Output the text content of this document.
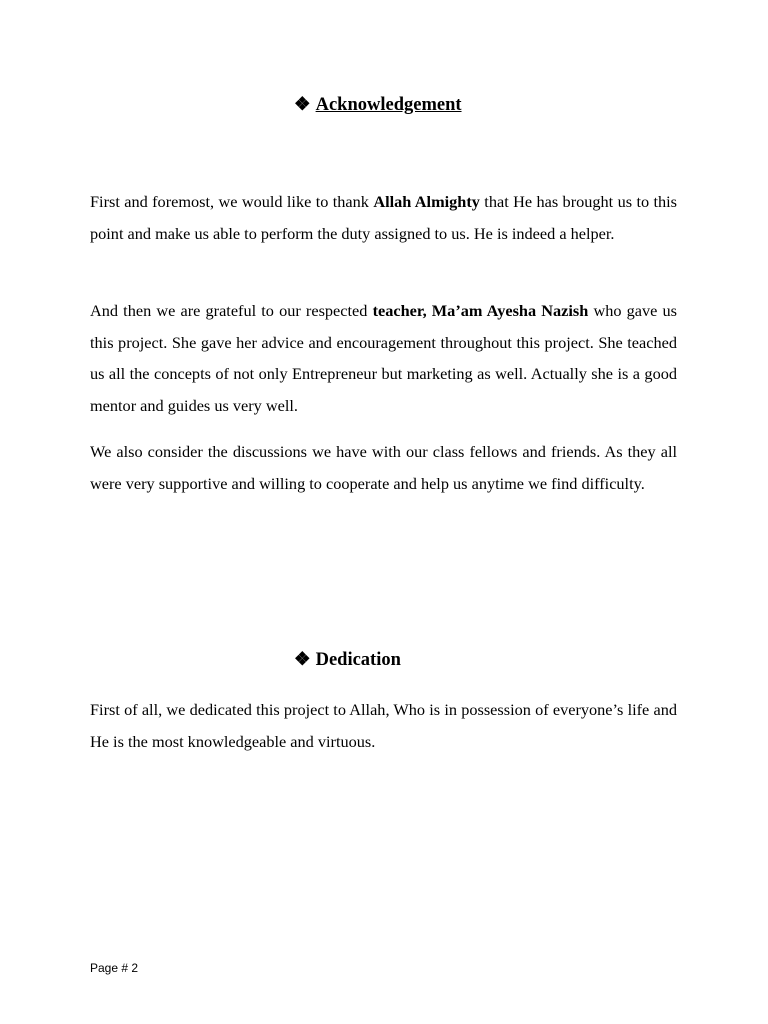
❖ Acknowledgement

First and foremost, we would like to thank Allah Almighty that He has brought us to this point and make us able to perform the duty assigned to us. He is indeed a helper.

And then we are grateful to our respected teacher, Ma’am Ayesha Nazish who gave us this project. She gave her advice and encouragement throughout this project. She teached us all the concepts of not only Entrepreneur but marketing as well. Actually she is a good mentor and guides us very well.

We also consider the discussions we have with our class fellows and friends. As they all were very supportive and willing to cooperate and help us anytime we find difficulty.

❖ Dedication

First of all, we dedicated this project to Allah, Who is in possession of everyone’s life and He is the most knowledgeable and virtuous.

Page # 2
